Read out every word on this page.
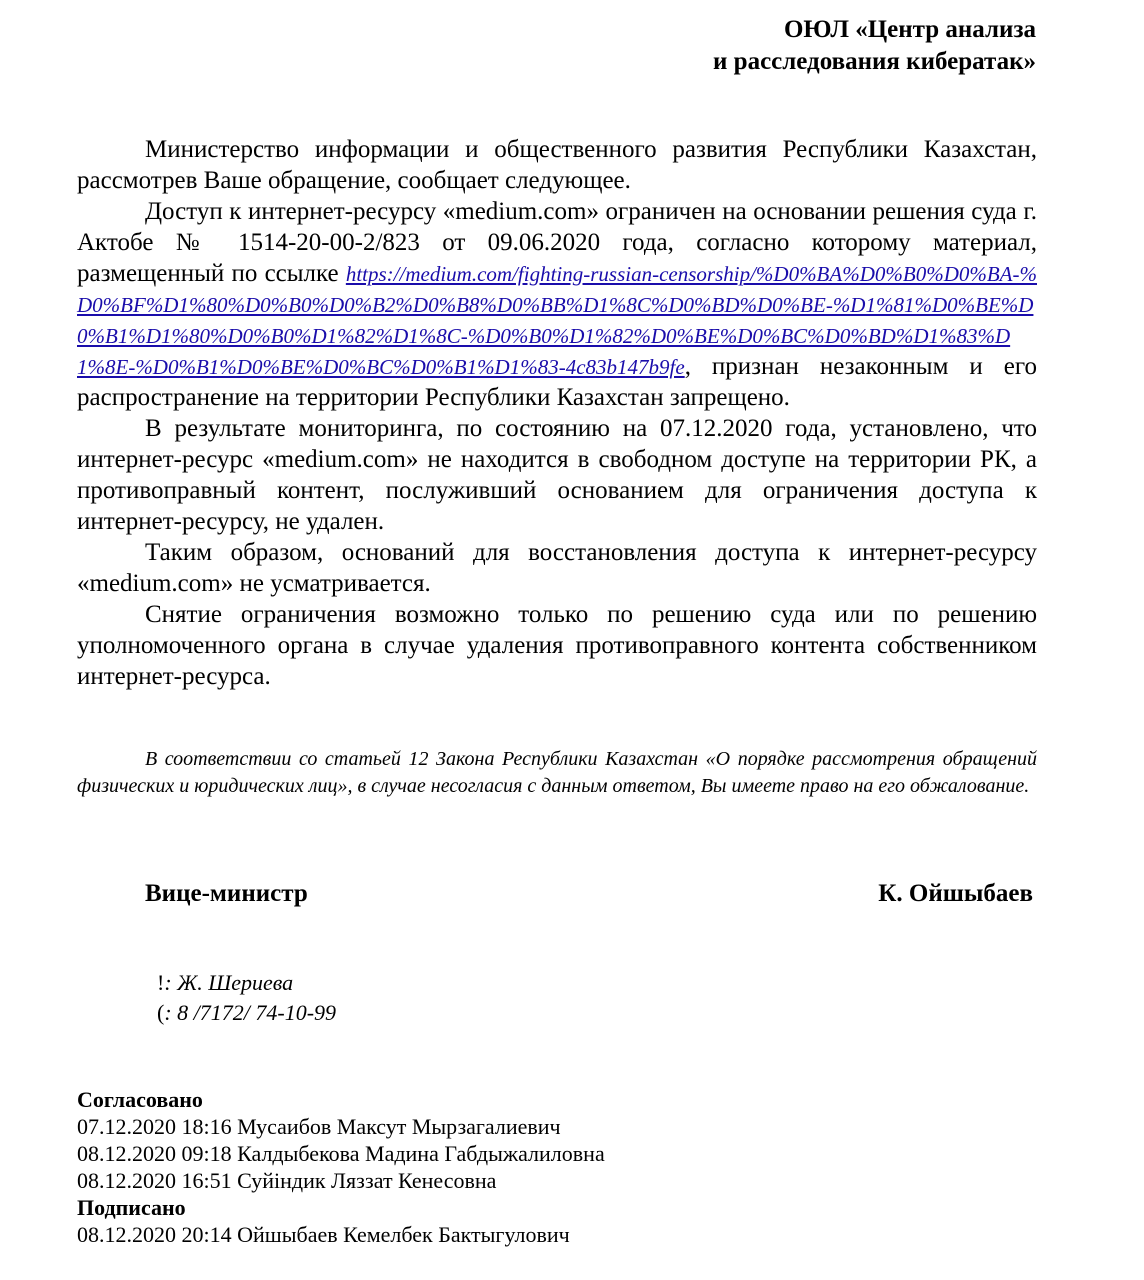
ОЮЛ «Центр анализа
и расследования кибератак»

Министерство информации и общественного развития Республики Казахстан, рассмотрев Ваше обращение, сообщает следующее.

Доступ к интернет-ресурсу «medium.com» ограничен на основании решения суда г. Актобе № 1514-20-00-2/823 от 09.06.2020 года, согласно которому материал, размещенный по ссылке https://medium.com/fighting-russian-censorship/%D0%BA%D0%B0%D0%BA-%D0%BF%D1%80%D0%B0%D0%B2%D0%B8%D0%BB%D1%8C%D0%BD%D0%BE-%D1%81%D0%BE%D0%B1%D1%80%D0%B0%D1%82%D1%8C-%D0%B0%D1%82%D0%BE%D0%BC%D0%BD%D1%83%D1%8E-%D0%B1%D0%BE%D0%BC%D0%B1%D1%83-4c83b147b9fe, признан незаконным и его распространение на территории Республики Казахстан запрещено.

В результате мониторинга, по состоянию на 07.12.2020 года, установлено, что интернет-ресурс «medium.com» не находится в свободном доступе на территории РК, а противоправный контент, послуживший основанием для ограничения доступа к интернет-ресурсу, не удален.

Таким образом, оснований для восстановления доступа к интернет-ресурсу «medium.com» не усматривается.

Снятие ограничения возможно только по решению суда или по решению уполномоченного органа в случае удаления противоправного контента собственником интернет-ресурса.

В соответствии со статьей 12 Закона Республики Казахстан «О порядке рассмотрения обращений физических и юридических лиц», в случае несогласия с данным ответом, Вы имеете право на его обжалование.
Вице-министр	К. Ойшыбаев
!: Ж. Шериева
(: 8 /7172/ 74-10-99
Согласовано
07.12.2020 18:16 Мусаибов Максут Мырзагалиевич
08.12.2020 09:18 Калдыбекова Мадина Габдыжалиловна
08.12.2020 16:51 Суйіндик Ляззат Кенесовна
Подписано
08.12.2020 20:14 Ойшыбаев Кемелбек Бактыгулович
